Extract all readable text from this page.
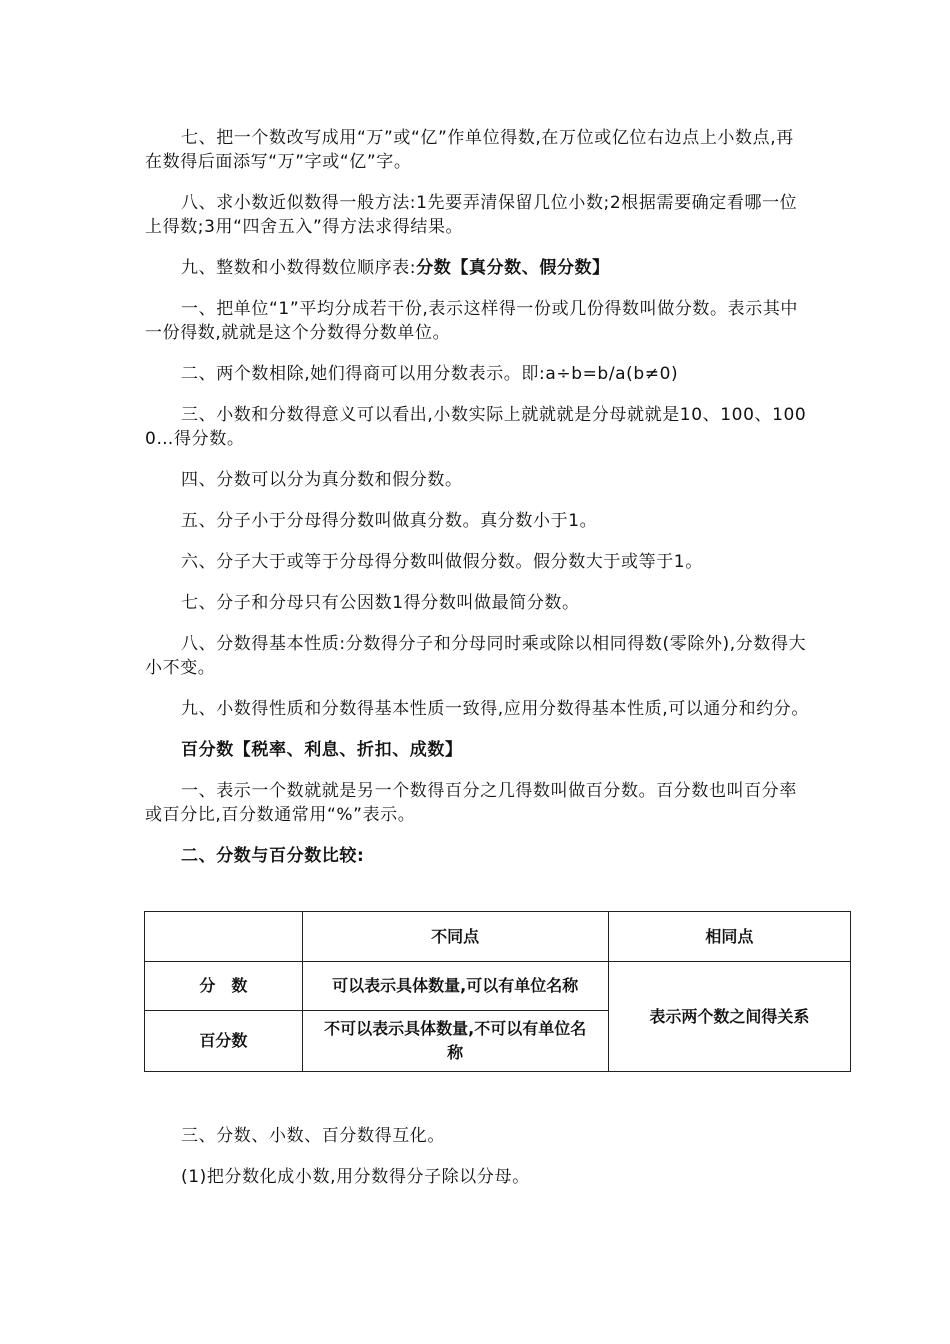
七、把一个数改写成用“万”或“亿”作单位得数,在万位或亿位右边点上小数点,再在数得后面添写“万”字或“亿”字。

八、求小数近似数得一般方法:1先要弄清保留几位小数;2根据需要确定看哪一位上得数;3用“四舍五入”得方法求得结果。

九、整数和小数得数位顺序表:分数【真分数、假分数】

一、把单位“1”平均分成若干份,表示这样得一份或几份得数叫做分数。表示其中一份得数,就就是这个分数得分数单位。

二、两个数相除,她们得商可以用分数表示。即:a÷b=b/a(b≠0)

三、小数和分数得意义可以看出,小数实际上就就就是分母就就是10、100、1000…得分数。

四、分数可以分为真分数和假分数。

五、分子小于分母得分数叫做真分数。真分数小于1。

六、分子大于或等于分母得分数叫做假分数。假分数大于或等于1。

七、分子和分母只有公因数1得分数叫做最简分数。

八、分数得基本性质:分数得分子和分母同时乘或除以相同得数(零除外),分数得大小不变。

九、小数得性质和分数得基本性质一致得,应用分数得基本性质,可以通分和约分。

百分数【税率、利息、折扣、成数】

一、表示一个数就就是另一个数得百分之几得数叫做百分数。百分数也叫百分率或百分比,百分数通常用“%”表示。

二、分数与百分数比较:

	不同点	相同点
分　数	可以表示具体数量,可以有单位名称	表示两个数之间得关系
百分数	不可以表示具体数量,不可以有单位名称	

三、分数、小数、百分数得互化。

(1)把分数化成小数,用分数得分子除以分母。
